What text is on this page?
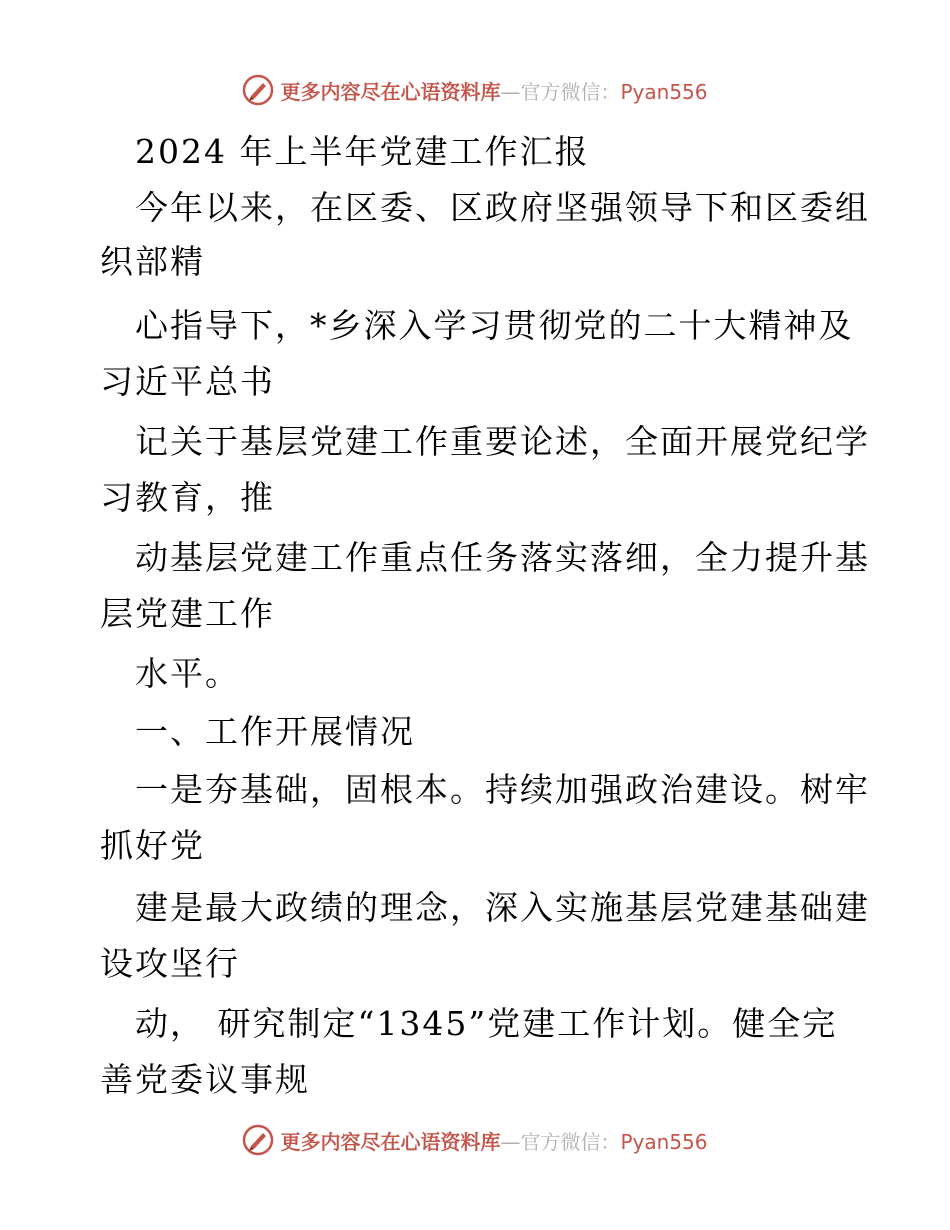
更多内容尽在心语资料库—官方微信：Pyan556
2024 年上半年党建工作汇报
今年以来，在区委、区政府坚强领导下和区委组
织部精
心指导下，*乡深入学习贯彻党的二十大精神及
习近平总书
记关于基层党建工作重要论述，全面开展党纪学
习教育，推
动基层党建工作重点任务落实落细，全力提升基
层党建工作
水平。
一、工作开展情况
一是夯基础，固根本。持续加强政治建设。树牢
抓好党
建是最大政绩的理念，深入实施基层党建基础建
设攻坚行
动， 研究制定“1345”党建工作计划。健全完
善党委议事规
更多内容尽在心语资料库—官方微信：Pyan556
